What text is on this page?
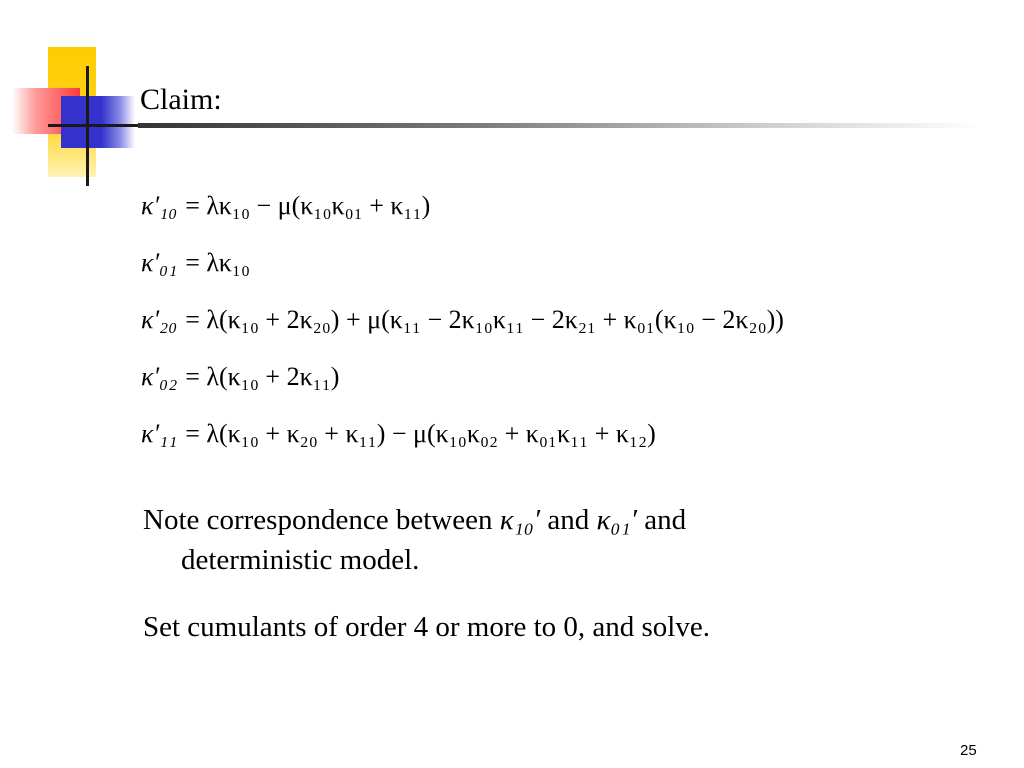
Claim:
κ′₁₀ = λκ₁₀ − μ(κ₁₀κ₀₁ + κ₁₁)
κ′₀₁ = λκ₁₀
κ′₂₀ = λ(κ₁₀ + 2κ₂₀) + μ(κ₁₁ − 2κ₁₀κ₁₁ − 2κ₂₁ + κ₀₁(κ₁₀ − 2κ₂₀))
κ′₀₂ = λ(κ₁₀ + 2κ₁₁)
κ′₁₁ = λ(κ₁₀ + κ₂₀ + κ₁₁) − μ(κ₁₀κ₀₂ + κ₀₁κ₁₁ + κ₁₂)
Note correspondence between κ₁₀′ and κ₀₁′ and
deterministic model.
Set cumulants of order 4 or more to 0, and solve.
25
